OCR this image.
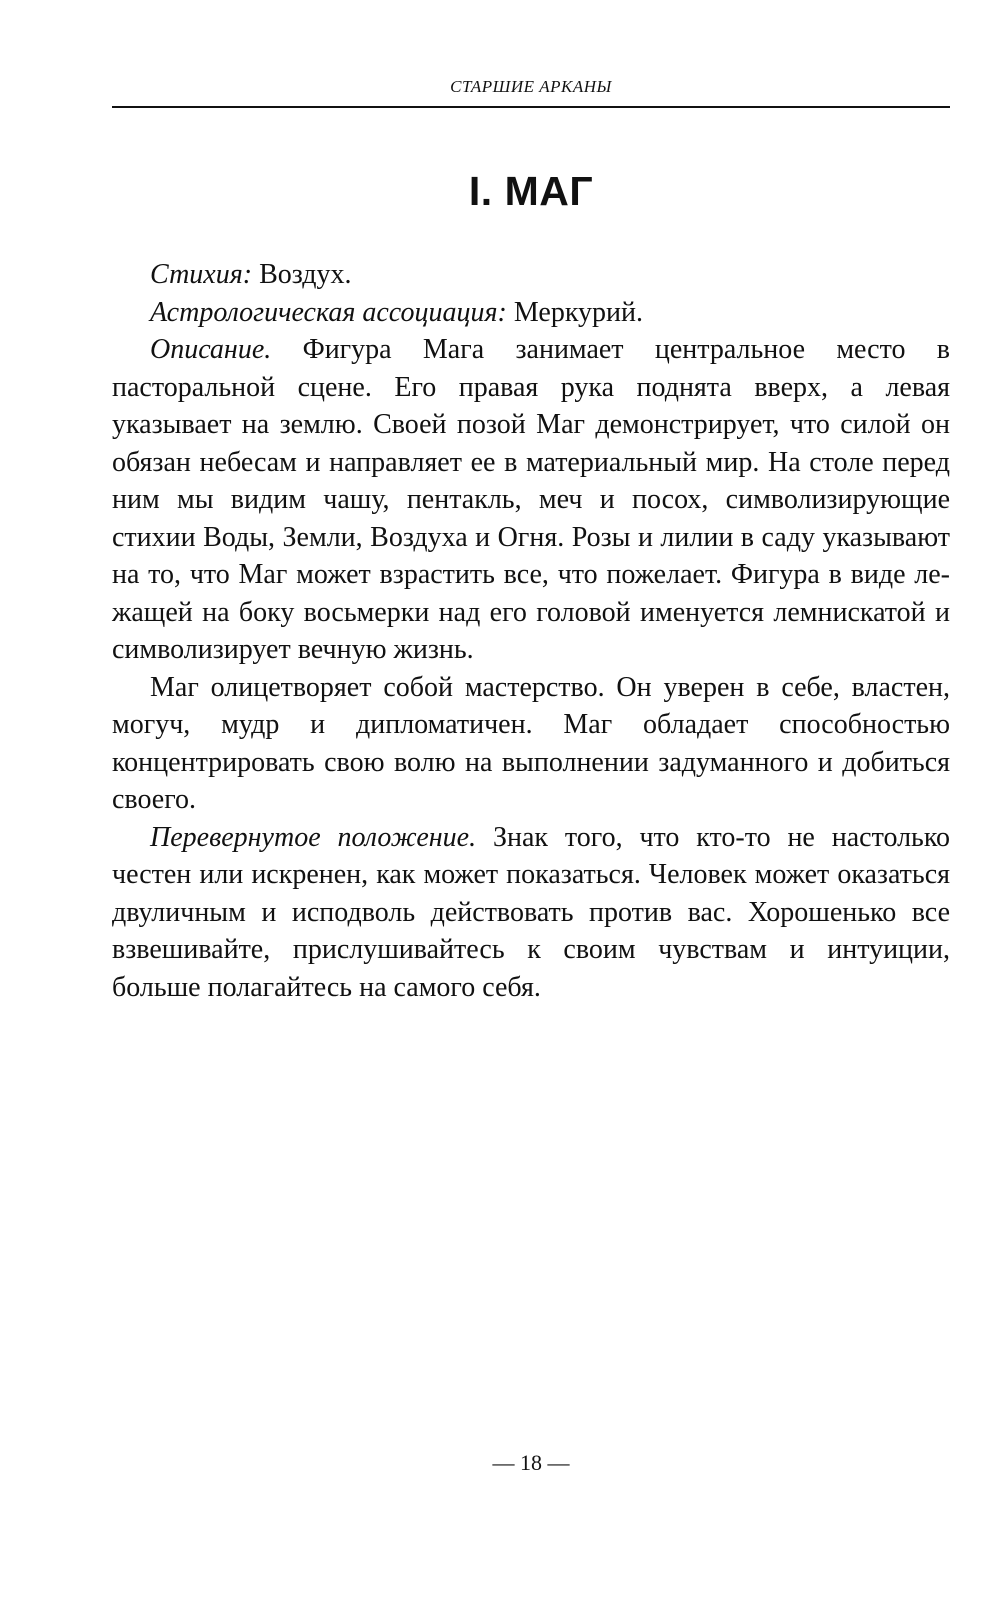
СТАРШИЕ АРКАНЫ
I. МАГ

Стихия: Воздух.

Астрологическая ассоциация: Меркурий.

Описание. Фигура Мага занимает центральное место в пасторальной сцене. Его правая рука поднята вверх, а левая указывает на землю. Своей позой Маг демонстрирует, что силой он обязан небесам и направляет ее в материальный мир. На столе перед ним мы видим чашу, пентакль, меч и посох, символизирующие стихии Воды, Земли, Воздуха и Огня. Розы и лилии в саду указывают на то, что Маг может взрастить все, что пожелает. Фигура в виде лежащей на боку восьмерки над его головой именуется лемнискатой и символизирует вечную жизнь.

Маг олицетворяет собой мастерство. Он уверен в себе, властен, могуч, мудр и дипломатичен. Маг обладает способностью концентрировать свою волю на выполнении задуманного и добиться своего.

Перевернутое положение. Знак того, что кто-то не настолько честен или искренен, как может показаться. Человек может оказаться двуличным и исподволь действовать против вас. Хорошенько все взвешивайте, прислушивайтесь к своим чувствам и интуиции, больше полагайтесь на самого себя.

— 18 —
